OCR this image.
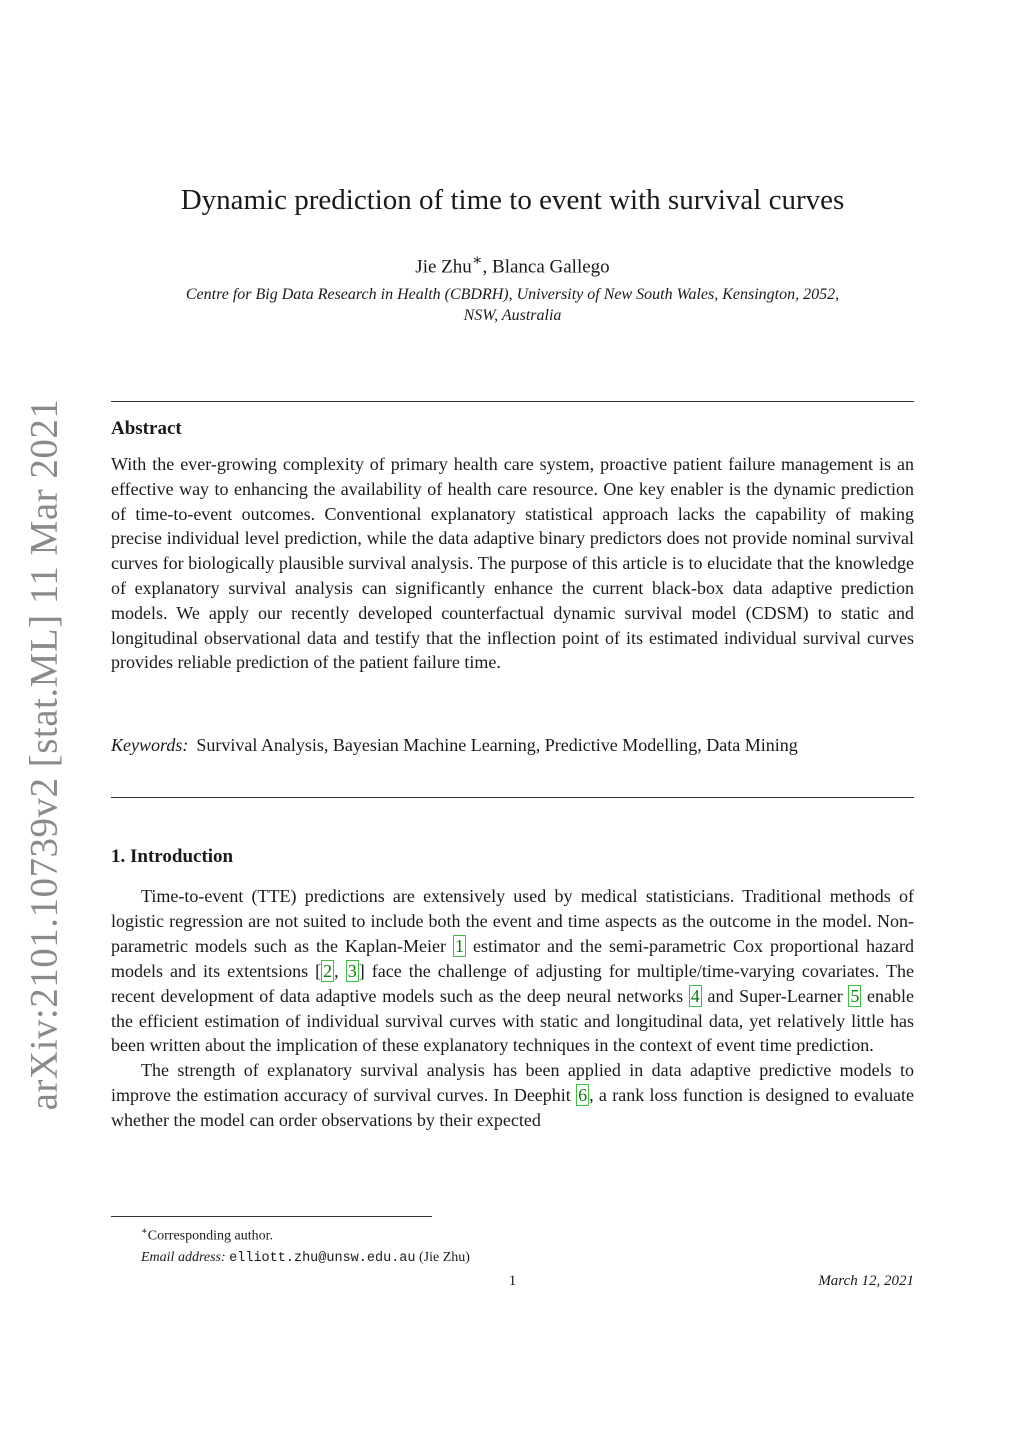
arXiv:2101.10739v2 [stat.ML] 11 Mar 2021
Dynamic prediction of time to event with survival curves
Jie Zhu∗, Blanca Gallego
Centre for Big Data Research in Health (CBDRH), University of New South Wales, Kensington, 2052,
NSW, Australia
Abstract

With the ever-growing complexity of primary health care system, proactive patient failure management is an effective way to enhancing the availability of health care resource. One key enabler is the dynamic prediction of time-to-event outcomes. Conventional explanatory statistical approach lacks the capability of making precise individual level prediction, while the data adaptive binary predictors does not provide nominal survival curves for biologically plausible survival analysis. The purpose of this article is to elucidate that the knowledge of explanatory survival analysis can significantly enhance the current black-box data adaptive prediction models. We apply our recently developed counterfactual dynamic survival model (CDSM) to static and longitudinal observational data and testify that the inflection point of its estimated individual survival curves provides reliable prediction of the patient failure time.

Keywords: Survival Analysis, Bayesian Machine Learning, Predictive Modelling, Data Mining
1. Introduction

Time-to-event (TTE) predictions are extensively used by medical statisticians. Traditional methods of logistic regression are not suited to include both the event and time aspects as the outcome in the model. Non-parametric models such as the Kaplan-Meier 1 estimator and the semi-parametric Cox proportional hazard models and its extentsions [ 2 , 3 ] face the challenge of adjusting for multiple/time-varying covariates. The recent development of data adaptive models such as the deep neural networks 4 and Super-Learner 5 enable the efficient estimation of individual survival curves with static and longitudinal data, yet relatively little has been written about the implication of these explanatory techniques in the context of event time prediction.

The strength of explanatory survival analysis has been applied in data adaptive predictive models to improve the estimation accuracy of survival curves. In Deephit 6 , a rank loss function is designed to evaluate whether the model can order observations by their expected

∗Corresponding author.
Email address: elliott.zhu@unsw.edu.au (Jie Zhu)
1	March 12, 2021
